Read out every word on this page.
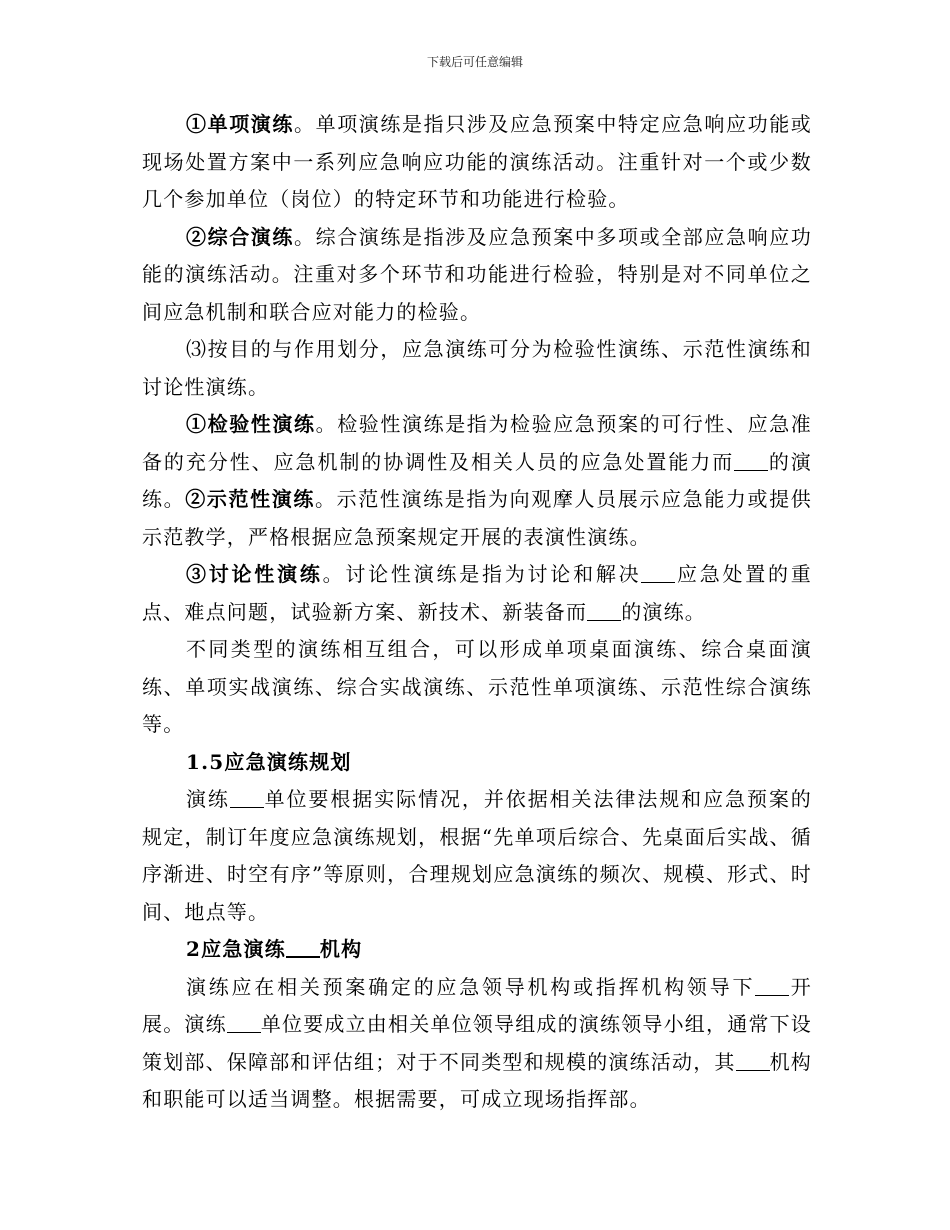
下载后可任意编辑

①单项演练。单项演练是指只涉及应急预案中特定应急响应功能或现场处置方案中一系列应急响应功能的演练活动。注重针对一个或少数几个参加单位（岗位）的特定环节和功能进行检验。

②综合演练。综合演练是指涉及应急预案中多项或全部应急响应功能的演练活动。注重对多个环节和功能进行检验，特别是对不同单位之间应急机制和联合应对能力的检验。

⑶按目的与作用划分，应急演练可分为检验性演练、示范性演练和讨论性演练。

①检验性演练。检验性演练是指为检验应急预案的可行性、应急准备的充分性、应急机制的协调性及相关人员的应急处置能力而 的演练。②示范性演练。示范性演练是指为向观摩人员展示应急能力或提供示范教学，严格根据应急预案规定开展的表演性演练。

③讨论性演练。讨论性演练是指为讨论和解决 应急处置的重点、难点问题，试验新方案、新技术、新装备而 的演练。

不同类型的演练相互组合，可以形成单项桌面演练、综合桌面演练、单项实战演练、综合实战演练、示范性单项演练、示范性综合演练等。

1.5应急演练规划

演练 单位要根据实际情况，并依据相关法律法规和应急预案的规定，制订年度应急演练规划，根据“先单项后综合、先桌面后实战、循序渐进、时空有序”等原则，合理规划应急演练的频次、规模、形式、时间、地点等。

2应急演练 机构

演练应在相关预案确定的应急领导机构或指挥机构领导下 开展。演练 单位要成立由相关单位领导组成的演练领导小组，通常下设策划部、保障部和评估组；对于不同类型和规模的演练活动，其 机构和职能可以适当调整。根据需要，可成立现场指挥部。
